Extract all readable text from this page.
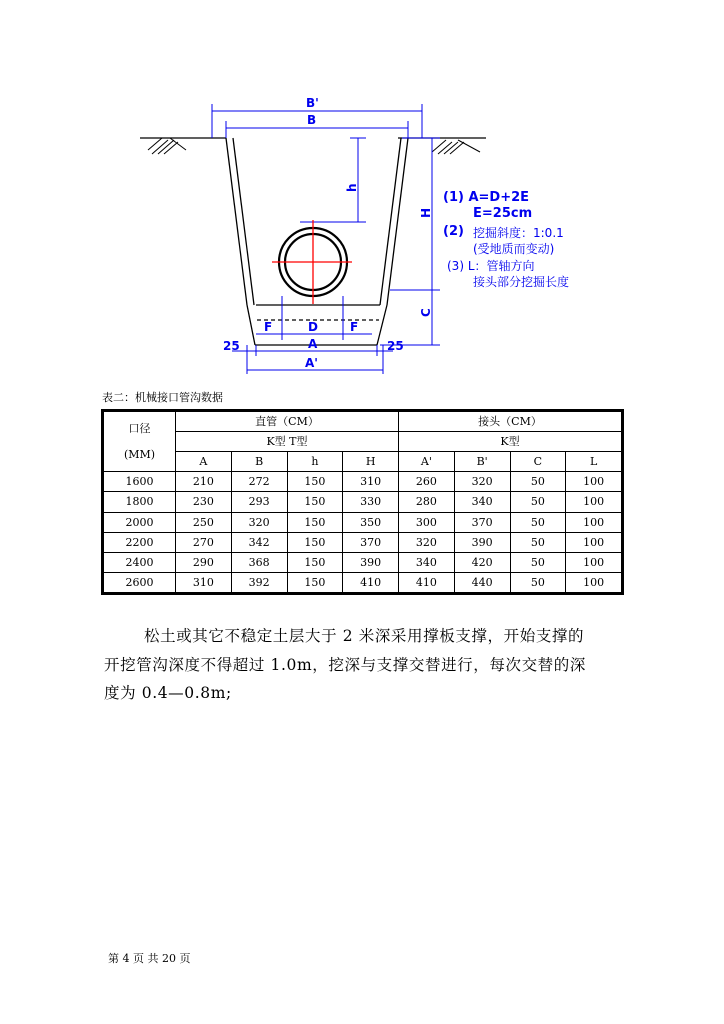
B'
B
h
H
C
F	D	F
25	A	25
A'
(1) A=D+2E
E=25cm
(2) 挖掘斜度：1:0.1
(受地质而变动)
(3) L：管轴方向
接头部分挖掘长度
表二：机械接口管沟数据
口径
(MM)	直管（CM）				接头（CM）			
	K型 T型				K型			
	A	B	h	H	A'	B'	C	L
1600	210	272	150	310	260	320	50	100
1800	230	293	150	330	280	340	50	100
2000	250	320	150	350	300	370	50	100
2200	270	342	150	370	320	390	50	100
2400	290	368	150	390	340	420	50	100
2600	310	392	150	410	410	440	50	100
松土或其它不稳定土层大于 2 米深采用撑板支撑，开始支撑的
开挖管沟深度不得超过 1.0m，挖深与支撑交替进行，每次交替的深
度为 0.4—0.8m;
第 4 页 共 20 页
